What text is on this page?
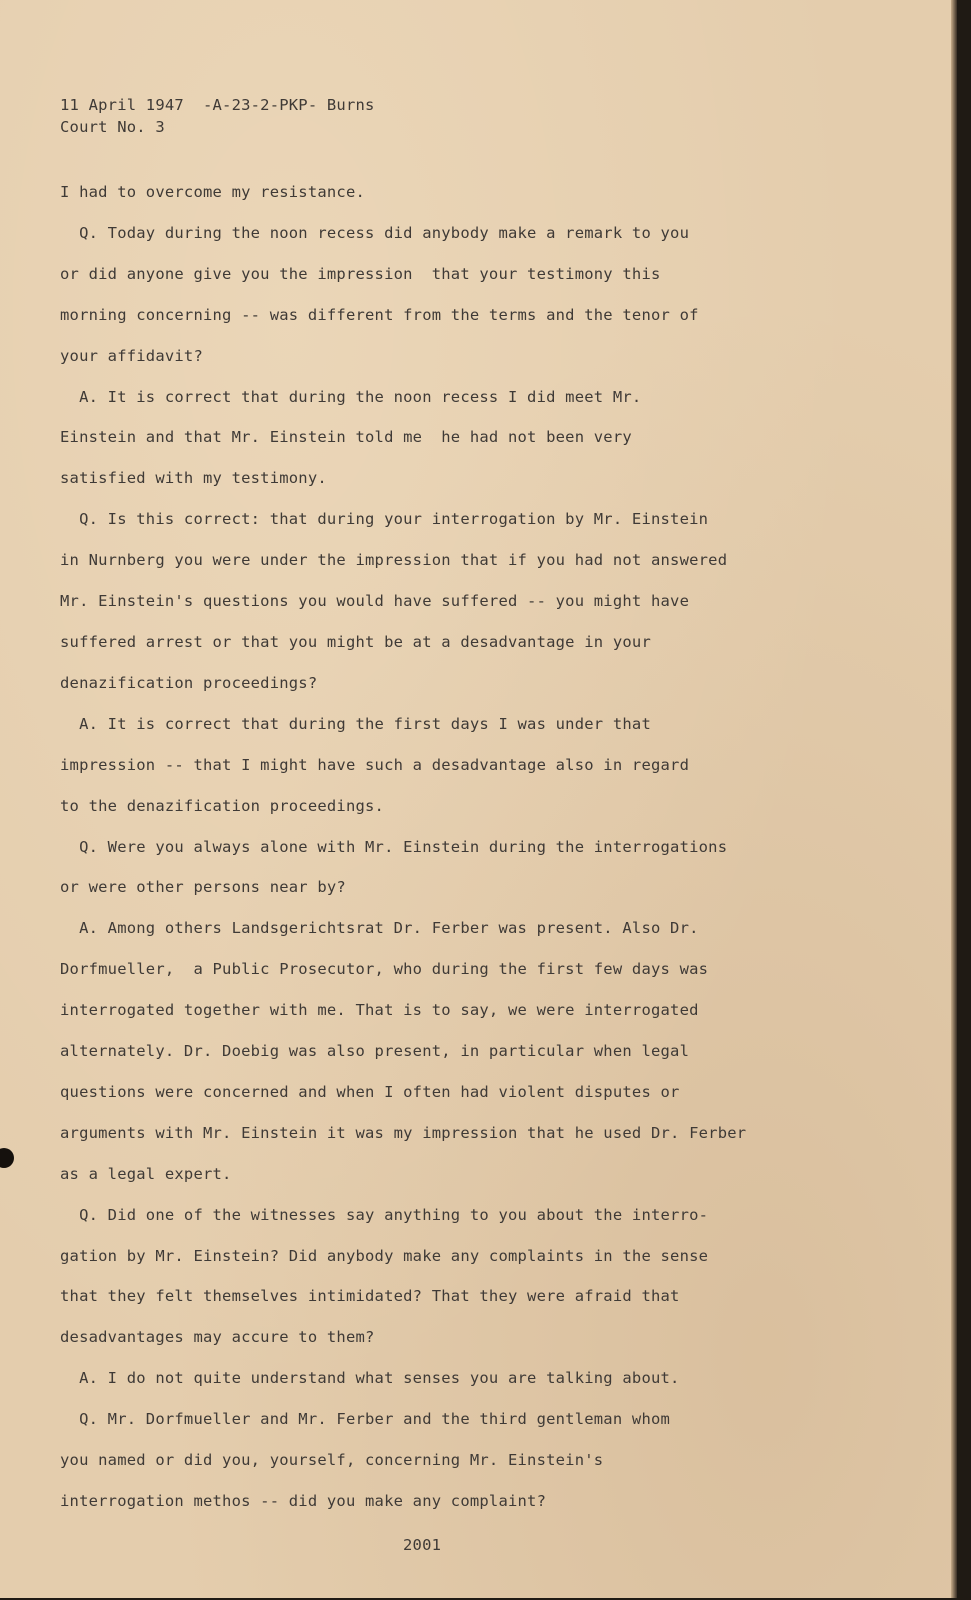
11 April 1947  -A-23-2-PKP- Burns
Court No. 3
I had to overcome my resistance.
Q. Today during the noon recess did anybody make a remark to you
or did anyone give you the impression  that your testimony this
morning concerning -- was different from the terms and the tenor of
your affidavit?
A. It is correct that during the noon recess I did meet Mr.
Einstein and that Mr. Einstein told me  he had not been very
satisfied with my testimony.
Q. Is this correct: that during your interrogation by Mr. Einstein
in Nurnberg you were under the impression that if you had not answered
Mr. Einstein's questions you would have suffered -- you might have
suffered arrest or that you might be at a desadvantage in your
denazification proceedings?
A. It is correct that during the first days I was under that
impression -- that I might have such a desadvantage also in regard
to the denazification proceedings.
Q. Were you always alone with Mr. Einstein during the interrogations
or were other persons near by?
A. Among others Landsgerichtsrat Dr. Ferber was present. Also Dr.
Dorfmueller,  a Public Prosecutor, who during the first few days was
interrogated together with me. That is to say, we were interrogated
alternately. Dr. Doebig was also present, in particular when legal
questions were concerned and when I often had violent disputes or
arguments with Mr. Einstein it was my impression that he used Dr. Ferber
as a legal expert.
Q. Did one of the witnesses say anything to you about the interro-
gation by Mr. Einstein? Did anybody make any complaints in the sense
that they felt themselves intimidated? That they were afraid that
desadvantages may accure to them?
A. I do not quite understand what senses you are talking about.
Q. Mr. Dorfmueller and Mr. Ferber and the third gentleman whom
you named or did you, yourself, concerning Mr. Einstein's
interrogation methos -- did you make any complaint?
2001
